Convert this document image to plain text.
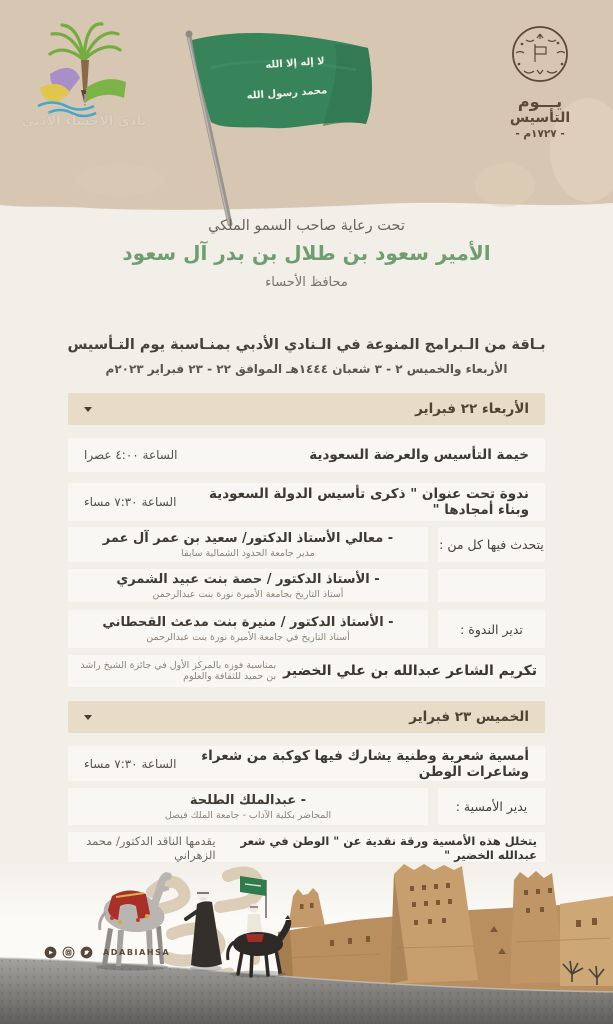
نادي الأحساء الأدبي
لا إله إلا الله
محمد رسول الله	يـــوم
التأسيس
- ١٧٢٧م -
تحت رعاية صاحب السمو الملكي
الأمير سعود بن طلال بن بدر آل سعود
محافظ الأحساء
بـاقة من الـبرامج المنوعة في الـنادي الأدبي بمنـاسبة يوم التـأسيس
الأربعاء والخميس ٢ - ٣ شعبان ١٤٤٤هـ الموافق ٢٢ - ٢٣ فبراير ٢٠٢٣م
الأربعاء ٢٢ فبراير
خيمة التأسيس والعرضة السعودية
الساعة ٤:٠٠ عصرا
ندوة تحت عنوان " ذكرى تأسيس الدولة السعودية وبناء أمجادها "
الساعة ٧:٣٠ مساء
يتحدث فيها كل من :
- معالي الأستاذ الدكتور/ سعيد بن عمر آل عمر
مدير جامعة الحدود الشمالية سابقا
- الأستاذ الدكتور / حصة بنت عبيد الشمري
أستاذ التاريخ بجامعة الأميرة نورة بنت عبدالرحمن
تدير الندوة :
- الأستاذ الدكتور / منيرة بنت مدعث القحطاني
أستاذ التاريخ في جامعة الأميرة نورة بنت عبدالرحمن
تكريم الشاعر عبدالله بن علي الخضير
بمناسبة فوزه بالمركز الأول في جائزة الشيخ راشد بن حميد للثقافة والعلوم
الخميس ٢٣ فبراير
أمسية شعرية وطنية يشارك فيها كوكبة من شعراء وشاعرات الوطن
الساعة ٧:٣٠ مساء
يدير الأمسية :
- عبدالملك الطلحة
المحاضر بكلية الآداب - جامعة الملك فيصل
يتخلل هذه الأمسية ورقة نقدية عن " الوطن في شعر عبدالله الخضير "
يقدمها الناقد الدكتور/ محمد الزهراني
ADABIAHSA
